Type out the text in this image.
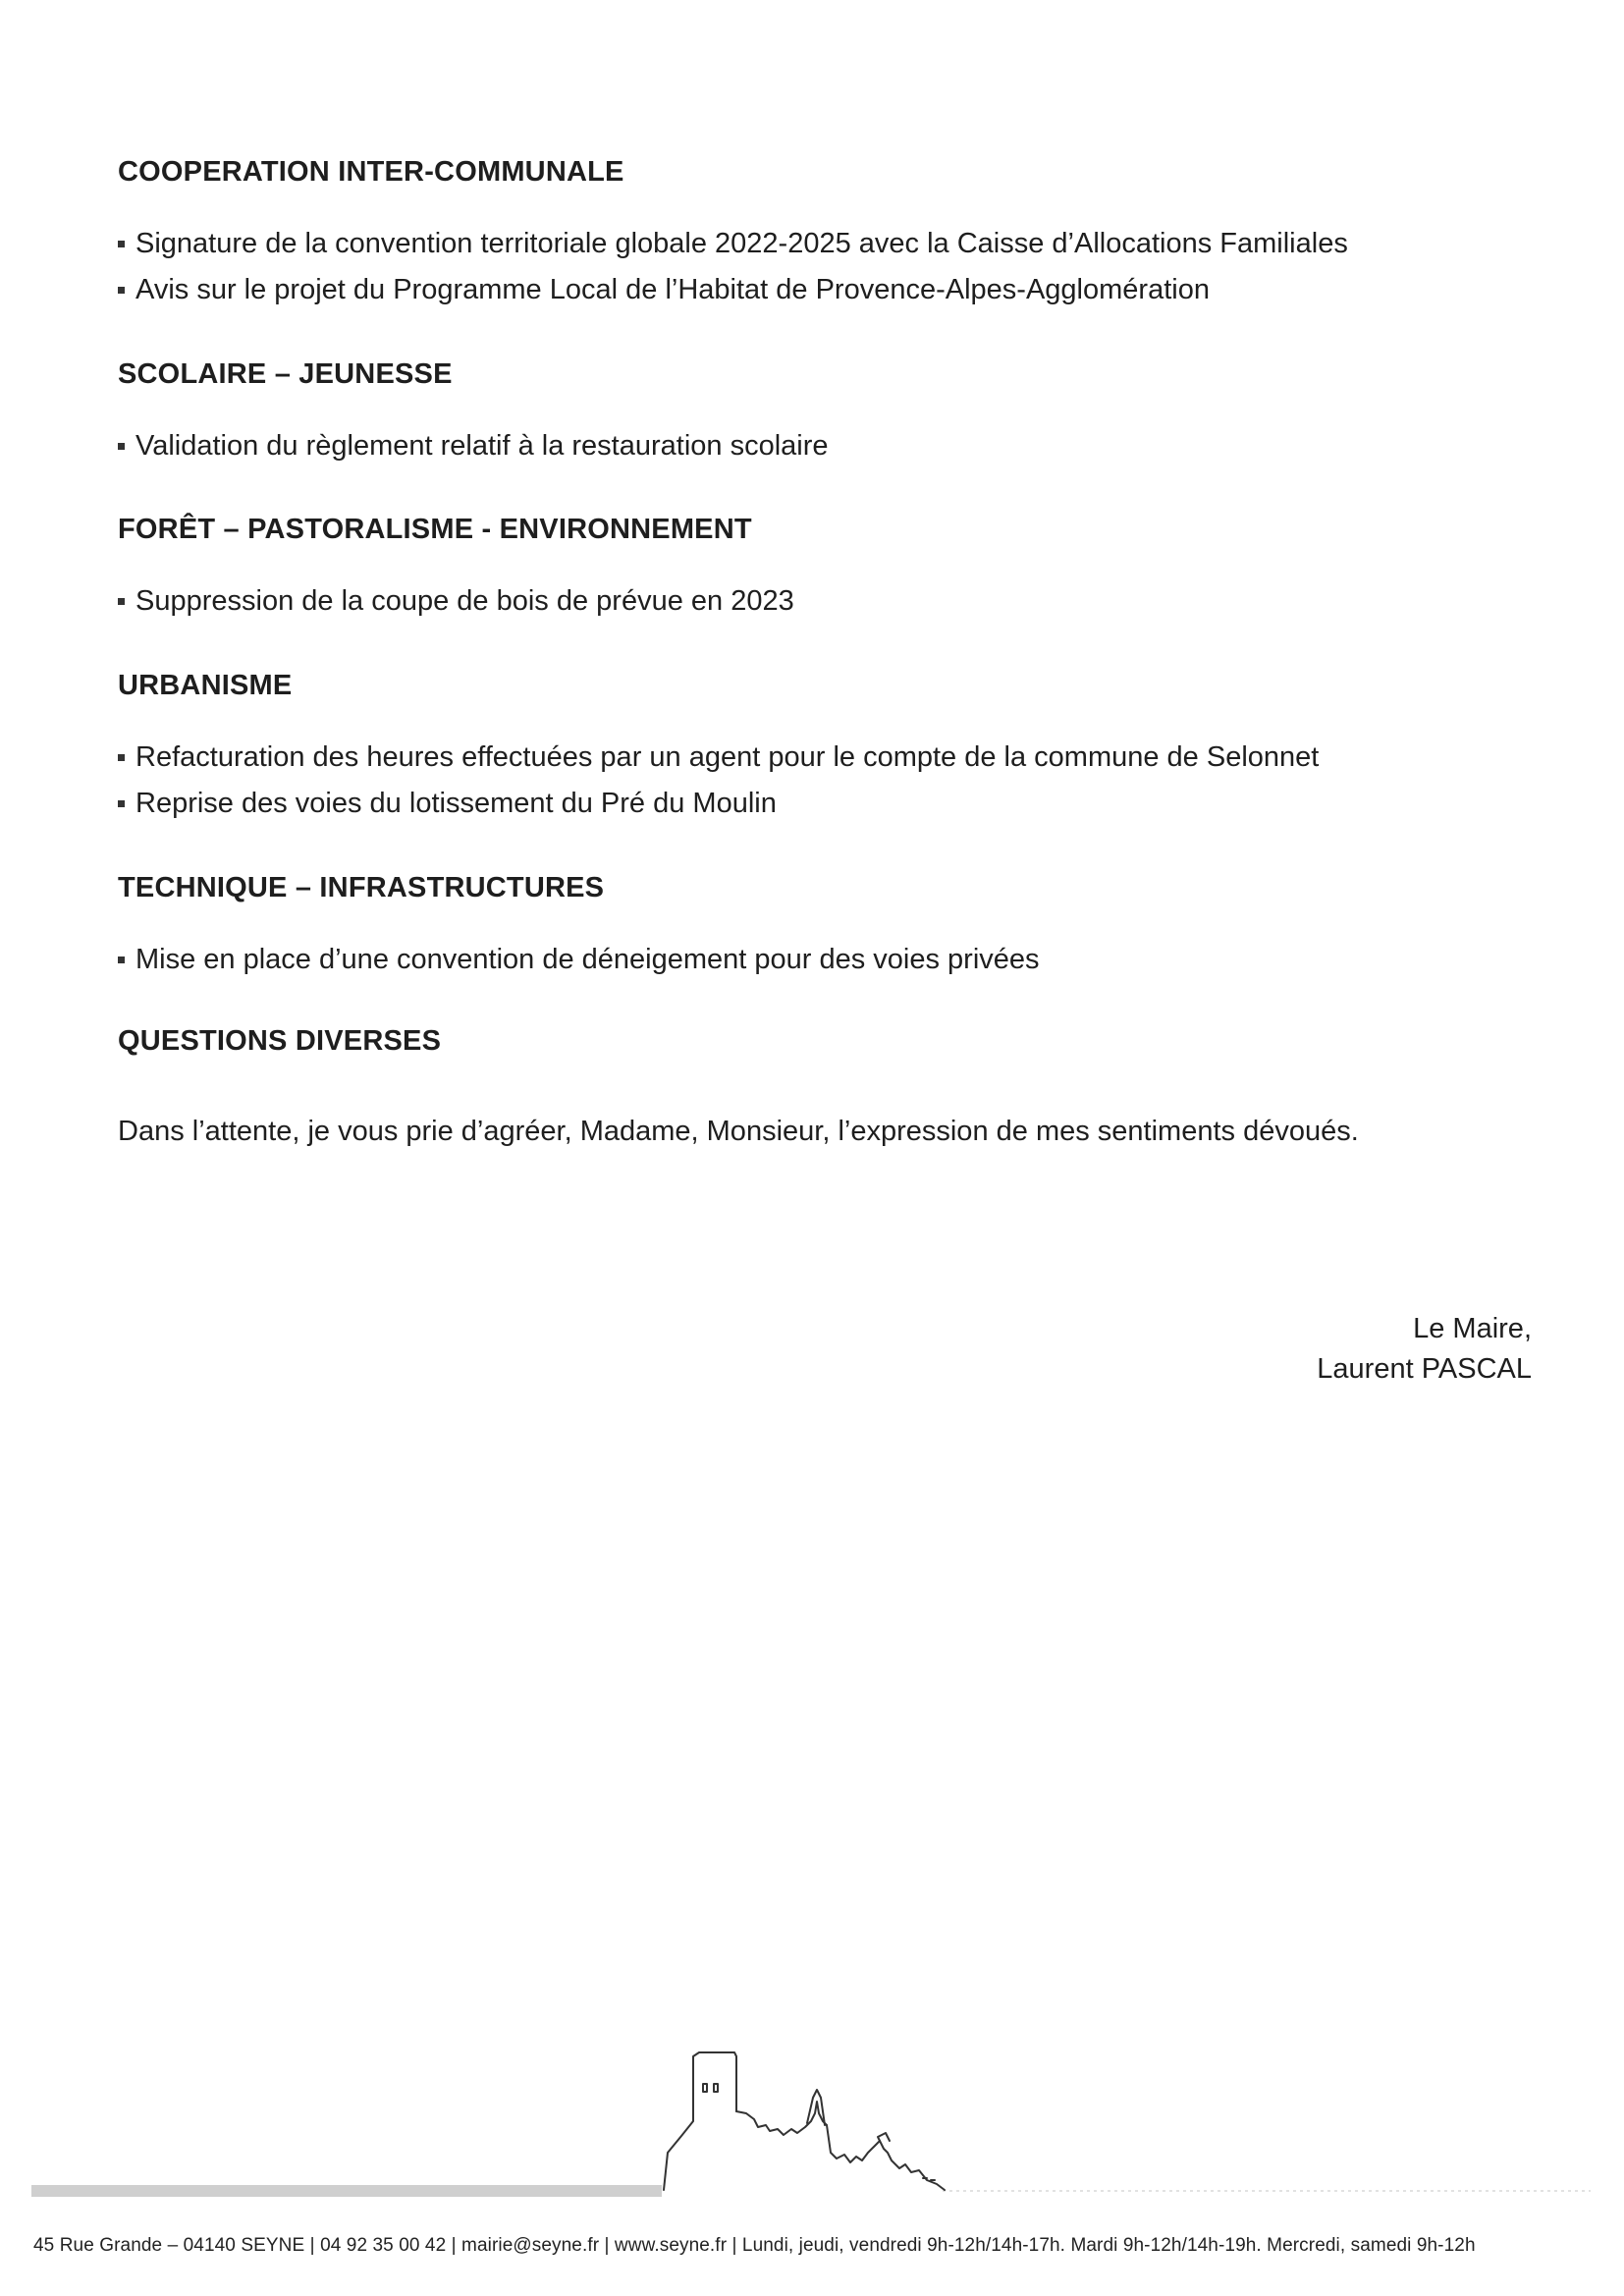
COOPERATION INTER-COMMUNALE
Signature de la convention territoriale globale 2022-2025 avec la Caisse d’Allocations Familiales
Avis sur le projet du Programme Local de l’Habitat de Provence-Alpes-Agglomération
SCOLAIRE – JEUNESSE
Validation du règlement relatif à la restauration scolaire
FORÊT – PASTORALISME - ENVIRONNEMENT
Suppression de la coupe de bois de prévue en 2023
URBANISME
Refacturation des heures effectuées par un agent pour le compte de la commune de Selonnet
Reprise des voies du lotissement du Pré du Moulin
TECHNIQUE – INFRASTRUCTURES
Mise en place d’une convention de déneigement pour des voies privées
QUESTIONS DIVERSES

Dans l’attente, je vous prie d’agréer, Madame, Monsieur, l’expression de mes sentiments dévoués.

Le Maire,
Laurent PASCAL
45 Rue Grande – 04140 SEYNE | 04 92 35 00 42 | mairie@seyne.fr | www.seyne.fr | Lundi, jeudi, vendredi 9h-12h/14h-17h. Mardi 9h-12h/14h-19h. Mercredi, samedi 9h-12h
